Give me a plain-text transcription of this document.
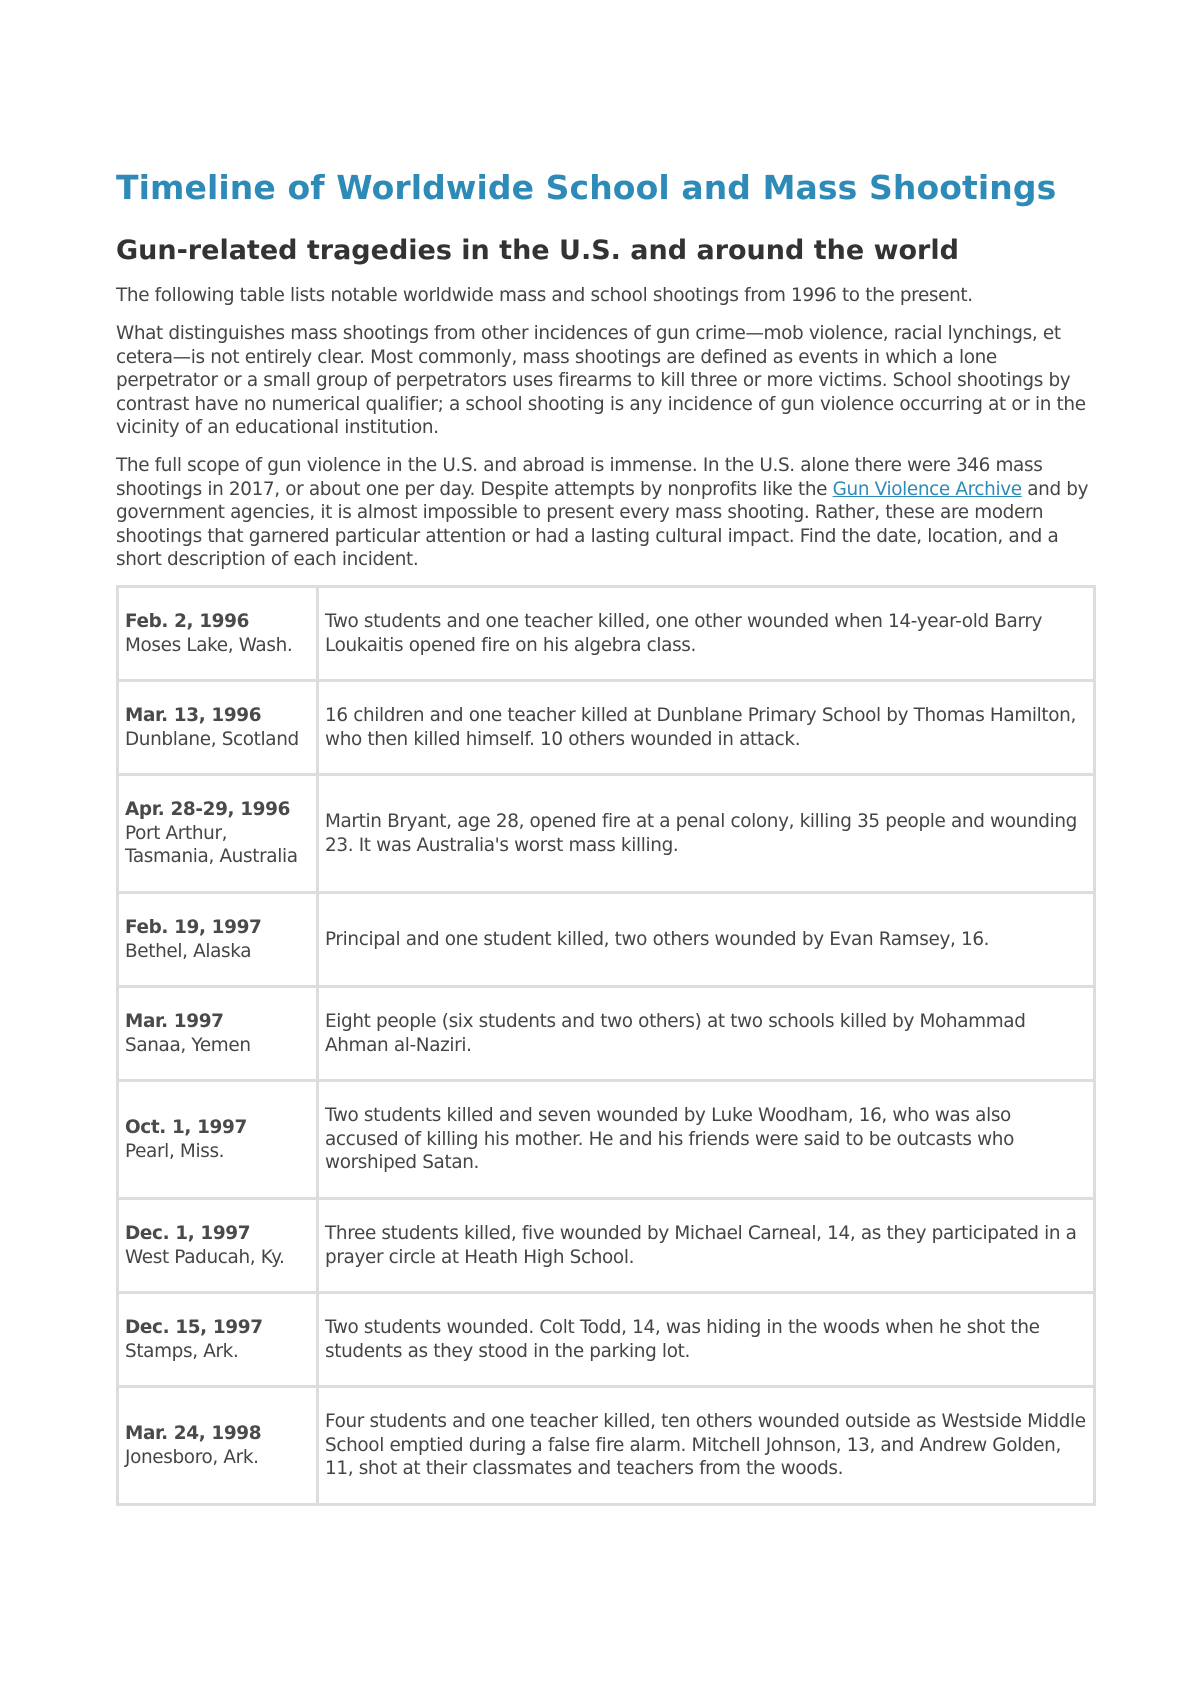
Timeline of Worldwide School and Mass Shootings
Gun-related tragedies in the U.S. and around the world

The following table lists notable worldwide mass and school shootings from 1996 to the present.

What distinguishes mass shootings from other incidences of gun crime—mob violence, racial lynchings, et cetera—is not entirely clear. Most commonly, mass shootings are defined as events in which a lone perpetrator or a small group of perpetrators uses firearms to kill three or more victims. School shootings by contrast have no numerical qualifier; a school shooting is any incidence of gun violence occurring at or in the vicinity of an educational institution.

The full scope of gun violence in the U.S. and abroad is immense. In the U.S. alone there were 346 mass shootings in 2017, or about one per day. Despite attempts by nonprofits like the Gun Violence Archive and by government agencies, it is almost impossible to present every mass shooting. Rather, these are modern shootings that garnered particular attention or had a lasting cultural impact. Find the date, location, and a short description of each incident.

Feb. 2, 1996
Moses Lake, Wash.	Two students and one teacher killed, one other wounded when 14-year-old Barry Loukaitis opened fire on his algebra class.

Mar. 13, 1996
Dunblane, Scotland	16 children and one teacher killed at Dunblane Primary School by Thomas Hamilton, who then killed himself. 10 others wounded in attack.

Apr. 28-29, 1996
Port Arthur, Tasmania, Australia	Martin Bryant, age 28, opened fire at a penal colony, killing 35 people and wounding 23. It was Australia's worst mass killing.

Feb. 19, 1997
Bethel, Alaska	Principal and one student killed, two others wounded by Evan Ramsey, 16.

Mar. 1997
Sanaa, Yemen	Eight people (six students and two others) at two schools killed by Mohammad Ahman al-Naziri.

Oct. 1, 1997
Pearl, Miss.	Two students killed and seven wounded by Luke Woodham, 16, who was also accused of killing his mother. He and his friends were said to be outcasts who worshiped Satan.

Dec. 1, 1997
West Paducah, Ky.	Three students killed, five wounded by Michael Carneal, 14, as they participated in a prayer circle at Heath High School.

Dec. 15, 1997
Stamps, Ark.	Two students wounded. Colt Todd, 14, was hiding in the woods when he shot the students as they stood in the parking lot.

Mar. 24, 1998
Jonesboro, Ark.	Four students and one teacher killed, ten others wounded outside as Westside Middle School emptied during a false fire alarm. Mitchell Johnson, 13, and Andrew Golden, 11, shot at their classmates and teachers from the woods.
